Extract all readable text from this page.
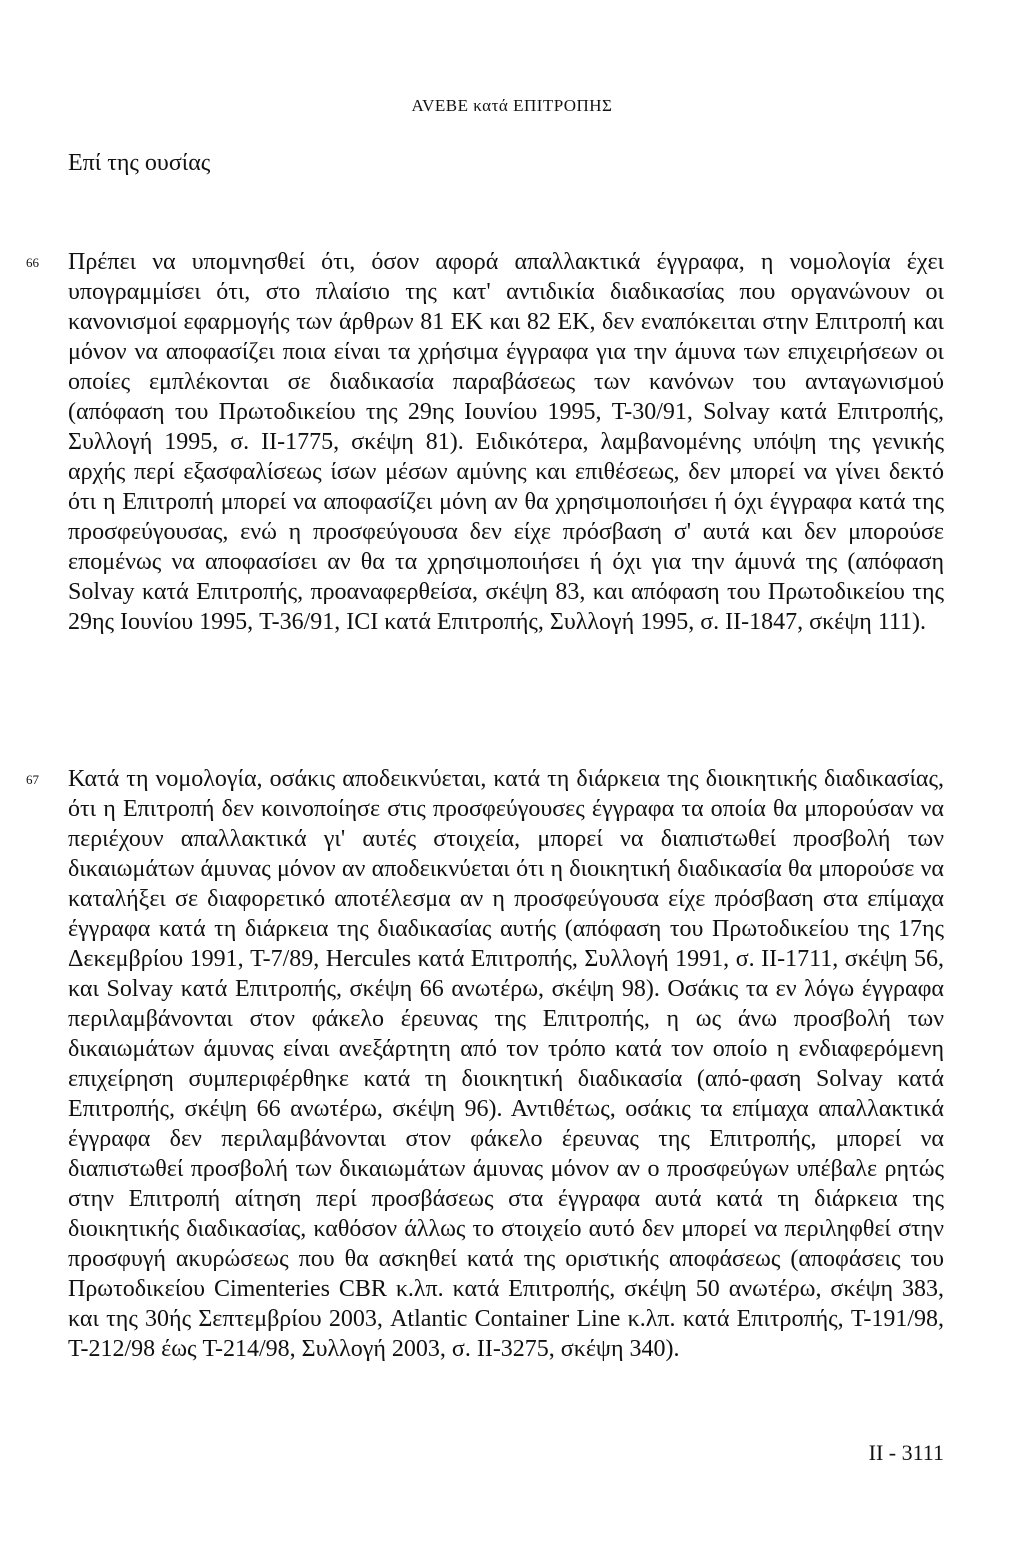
AVEBE κατά ΕΠΙΤΡΟΠΗΣ
Επί της ουσίας
66 Πρέπει να υπομνησθεί ότι, όσον αφορά απαλλακτικά έγγραφα, η νομολογία έχει υπογραμμίσει ότι, στο πλαίσιο της κατ' αντιδικία διαδικασίας που οργανώνουν οι κανονισμοί εφαρμογής των άρθρων 81 ΕΚ και 82 ΕΚ, δεν εναπόκειται στην Επιτροπή και μόνον να αποφασίζει ποια είναι τα χρήσιμα έγγραφα για την άμυνα των επιχειρήσεων οι οποίες εμπλέκονται σε διαδικασία παραβάσεως των κανόνων του ανταγωνισμού (απόφαση του Πρωτοδικείου της 29ης Ιουνίου 1995, T-30/91, Solvay κατά Επιτροπής, Συλλογή 1995, σ. II-1775, σκέψη 81). Ειδικότερα, λαμβανομένης υπόψη της γενικής αρχής περί εξασφαλίσεως ίσων μέσων αμύνης και επιθέσεως, δεν μπορεί να γίνει δεκτό ότι η Επιτροπή μπορεί να αποφασίζει μόνη αν θα χρησιμοποιήσει ή όχι έγγραφα κατά της προσφεύγουσας, ενώ η προσφεύγουσα δεν είχε πρόσβαση σ' αυτά και δεν μπορούσε επομένως να αποφασίσει αν θα τα χρησιμοποιήσει ή όχι για την άμυνά της (απόφαση Solvay κατά Επιτροπής, προαναφερθείσα, σκέψη 83, και απόφαση του Πρωτοδικείου της 29ης Ιουνίου 1995, T-36/91, ICI κατά Επιτροπής, Συλλογή 1995, σ. II-1847, σκέψη 111).

67 Κατά τη νομολογία, οσάκις αποδεικνύεται, κατά τη διάρκεια της διοικητικής διαδικασίας, ότι η Επιτροπή δεν κοινοποίησε στις προσφεύγουσες έγγραφα τα οποία θα μπορούσαν να περιέχουν απαλλακτικά γι' αυτές στοιχεία, μπορεί να διαπιστωθεί προσβολή των δικαιωμάτων άμυνας μόνον αν αποδεικνύεται ότι η διοικητική διαδικασία θα μπορούσε να καταλήξει σε διαφορετικό αποτέλεσμα αν η προσφεύγουσα είχε πρόσβαση στα επίμαχα έγγραφα κατά τη διάρκεια της διαδικασίας αυτής (απόφαση του Πρωτοδικείου της 17ης Δεκεμβρίου 1991, T-7/89, Hercules κατά Επιτροπής, Συλλογή 1991, σ. II-1711, σκέψη 56, και Solvay κατά Επιτροπής, σκέψη 66 ανωτέρω, σκέψη 98). Οσάκις τα εν λόγω έγγραφα περιλαμβάνονται στον φάκελο έρευνας της Επιτροπής, η ως άνω προσβολή των δικαιωμάτων άμυνας είναι ανεξάρτητη από τον τρόπο κατά τον οποίο η ενδιαφερόμενη επιχείρηση συμπεριφέρθηκε κατά τη διοικητική διαδικασία (από-φαση Solvay κατά Επιτροπής, σκέψη 66 ανωτέρω, σκέψη 96). Αντιθέτως, οσάκις τα επίμαχα απαλλακτικά έγγραφα δεν περιλαμβάνονται στον φάκελο έρευνας της Επιτροπής, μπορεί να διαπιστωθεί προσβολή των δικαιωμάτων άμυνας μόνον αν ο προσφεύγων υπέβαλε ρητώς στην Επιτροπή αίτηση περί προσβάσεως στα έγγραφα αυτά κατά τη διάρκεια της διοικητικής διαδικασίας, καθόσον άλλως το στοιχείο αυτό δεν μπορεί να περιληφθεί στην προσφυγή ακυρώσεως που θα ασκηθεί κατά της οριστικής αποφάσεως (αποφάσεις του Πρωτοδικείου Cimenteries CBR κ.λπ. κατά Επιτροπής, σκέψη 50 ανωτέρω, σκέψη 383, και της 30ής Σεπτεμβρίου 2003, Atlantic Container Line κ.λπ. κατά Επιτροπής, T-191/98, T-212/98 έως T-214/98, Συλλογή 2003, σ. II-3275, σκέψη 340).

II - 3111
